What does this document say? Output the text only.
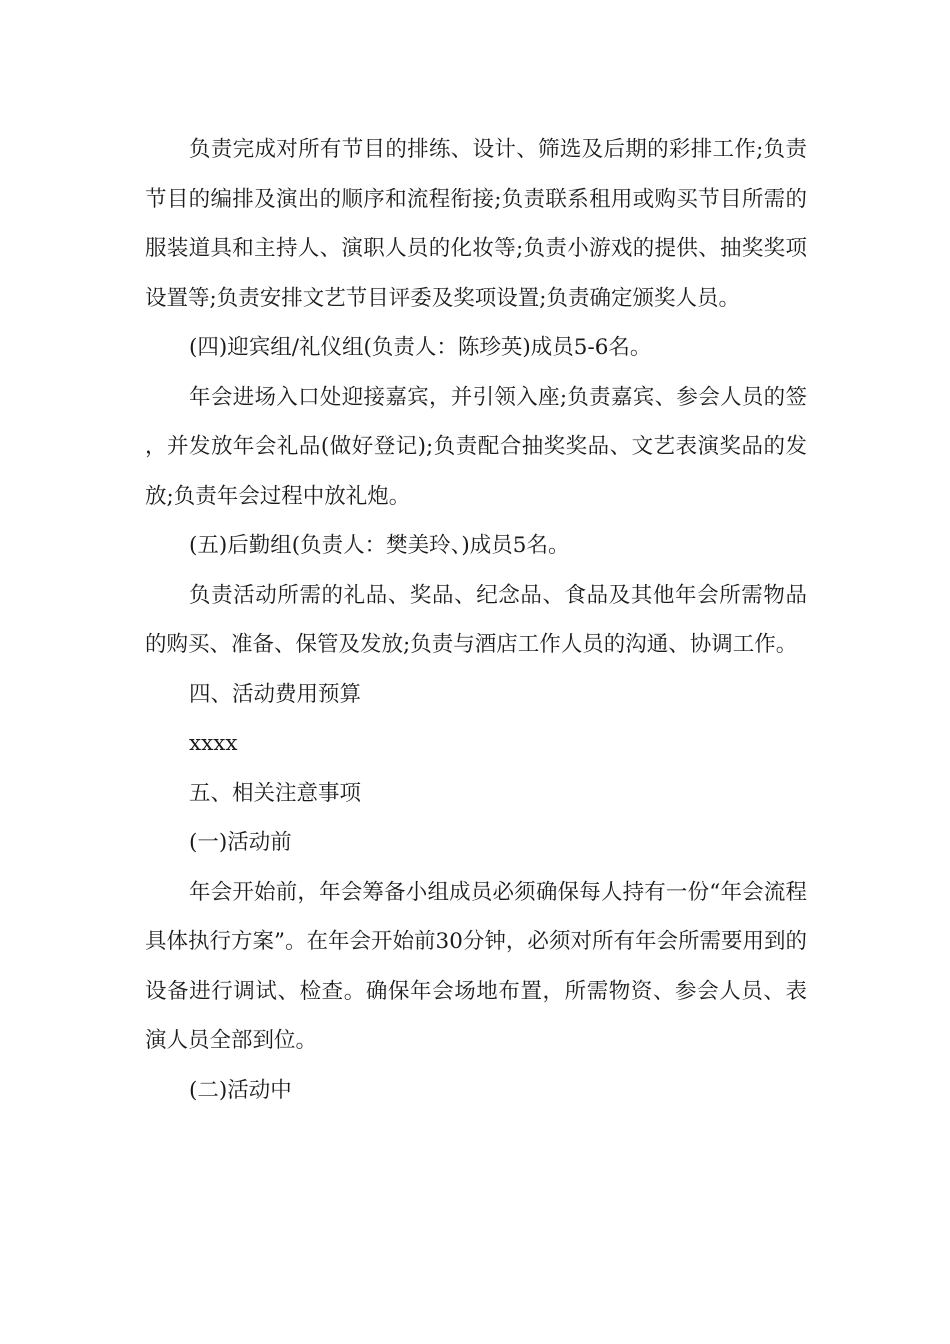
负责完成对所有节目的排练、设计、筛选及后期的彩排工作;负责节目的编排及演出的顺序和流程衔接;负责联系租用或购买节目所需的服装道具和主持人、演职人员的化妆等;负责小游戏的提供、抽奖奖项设置等;负责安排文艺节目评委及奖项设置;负责确定颁奖人员。

(四)迎宾组/礼仪组(负责人：陈珍英)成员5-6名。

年会进场入口处迎接嘉宾，并引领入座;负责嘉宾、参会人员的签，并发放年会礼品(做好登记);负责配合抽奖奖品、文艺表演奖品的发放;负责年会过程中放礼炮。

(五)后勤组(负责人：樊美玲、)成员5名。

负责活动所需的礼品、奖品、纪念品、食品及其他年会所需物品的购买、准备、保管及发放;负责与酒店工作人员的沟通、协调工作。

四、活动费用预算

xxxx

五、相关注意事项

(一)活动前

年会开始前，年会筹备小组成员必须确保每人持有一份“年会流程具体执行方案”。在年会开始前30分钟，必须对所有年会所需要用到的设备进行调试、检查。确保年会场地布置，所需物资、参会人员、表演人员全部到位。

(二)活动中
